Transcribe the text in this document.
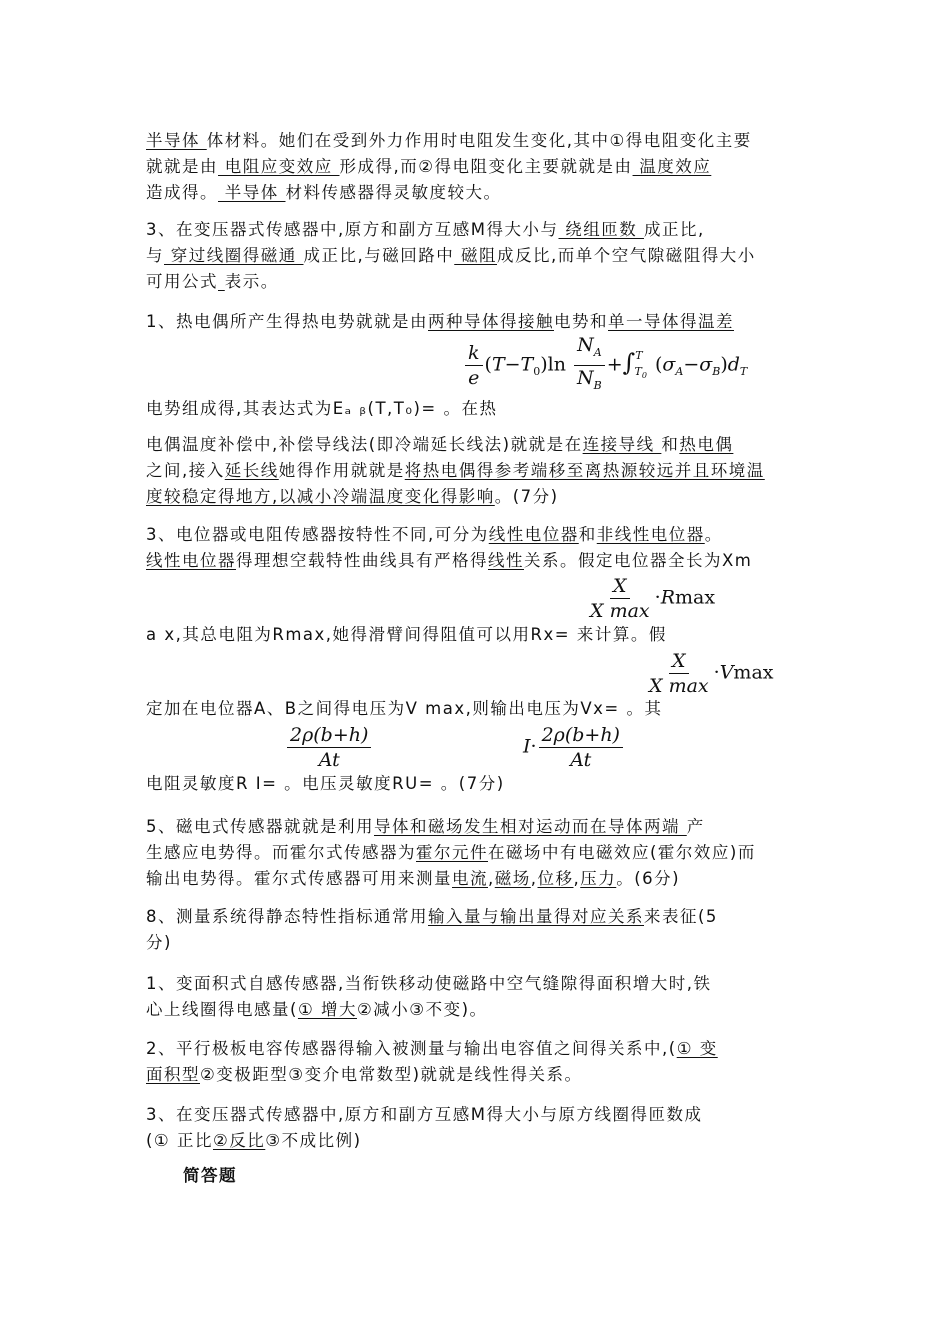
半导体 体材料。她们在受到外力作用时电阻发生变化,其中①得电阻变化主要
就就是由 电阻应变效应 形成得,而②得电阻变化主要就就是由 温度效应
造成得。 半导体 材料传感器得灵敏度较大。
3、在变压器式传感器中,原方和副方互感M得大小与 绕组匝数 成正比,
与 穿过线圈得磁通 成正比,与磁回路中 磁阻成反比,而单个空气隙磁阻得大小
可用公式 表示。
1、热电偶所产生得热电势就就是由两种导体得接触电势和单一导体得温差
电势组成得,其表达式为Eₐ ᵦ(T,T₀)= 。在热
电偶温度补偿中,补偿导线法(即冷端延长线法)就就是在连接导线 和热电偶
之间,接入延长线她得作用就就是将热电偶得参考端移至离热源较远并且环境温
度较稳定得地方,以减小冷端温度变化得影响。(7分)
3、电位器或电阻传感器按特性不同,可分为线性电位器和非线性电位器。
线性电位器得理想空载特性曲线具有严格得线性关系。假定电位器全长为Xm
a x,其总电阻为Rmax,她得滑臂间得阻值可以用Rx= 来计算。假
定加在电位器A、B之间得电压为V max,则输出电压为Vx= 。其
电阻灵敏度R I= 。电压灵敏度RU= 。(7分)
5、磁电式传感器就就是利用导体和磁场发生相对运动而在导体两端 产
生感应电势得。而霍尔式传感器为霍尔元件在磁场中有电磁效应(霍尔效应)而
输出电势得。霍尔式传感器可用来测量电流,磁场,位移,压力。(6分)
8、测量系统得静态特性指标通常用输入量与输出量得对应关系来表征(5
分)
1、变面积式自感传感器,当衔铁移动使磁路中空气缝隙得面积增大时,铁
心上线圈得电感量(① 增大②减小③不变)。
2、平行极板电容传感器得输入被测量与输出电容值之间得关系中,(① 变
面积型②变极距型③变介电常数型)就就是线性得关系。
3、在变压器式传感器中,原方和副方互感M得大小与原方线圈得匝数成
(① 正比②反比③不成比例)
$\frac{k}{e} (T-T_0)\ln \frac{N_A}{N_B} +\int^T_{T_0}(\sigma_A-\sigma_B)d_T$
$\frac{X}{\text{X max}} \cdot Rmax$
$\frac{X}{\text{X max}} \cdot Vmax$
$\frac{2\rho(b+h)}{At}$	$I\cdot \frac{2\rho(b+h)}{At}$
简答题
